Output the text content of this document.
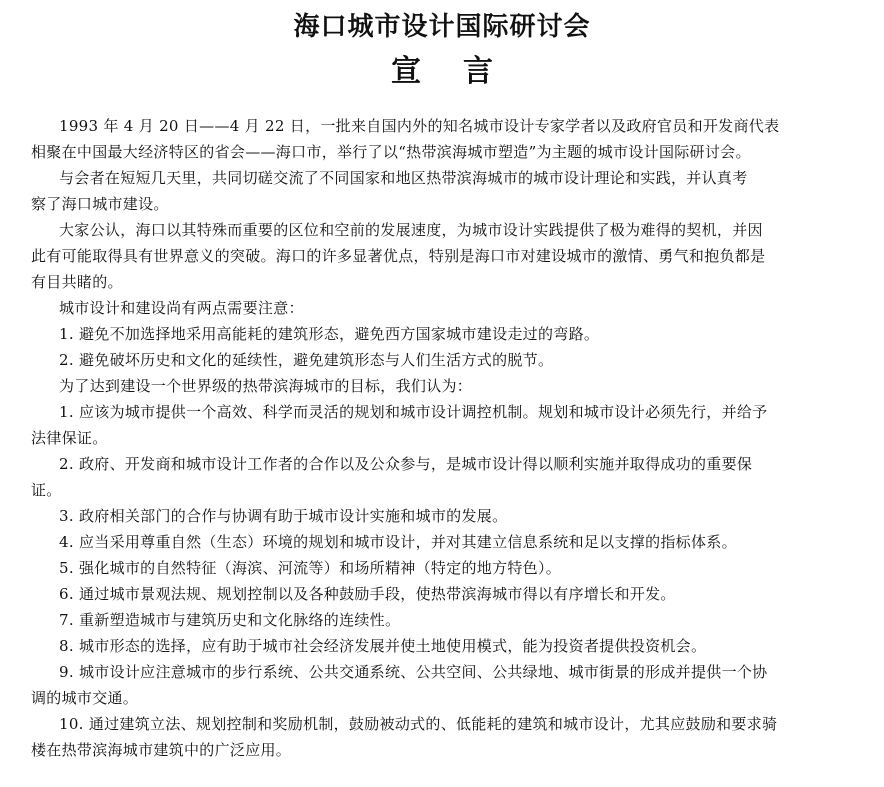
海口城市设计国际研讨会
宣言
1993 年 4 月 20 日——4 月 22 日，一批来自国内外的知名城市设计专家学者以及政府官员和开发商代表
相聚在中国最大经济特区的省会——海口市，举行了以“热带滨海城市塑造”为主题的城市设计国际研讨会。
与会者在短短几天里，共同切磋交流了不同国家和地区热带滨海城市的城市设计理论和实践，并认真考
察了海口城市建设。
大家公认，海口以其特殊而重要的区位和空前的发展速度，为城市设计实践提供了极为难得的契机，并因
此有可能取得具有世界意义的突破。海口的许多显著优点，特别是海口市对建设城市的激情、勇气和抱负都是
有目共睹的。
城市设计和建设尚有两点需要注意：
1. 避免不加选择地采用高能耗的建筑形态，避免西方国家城市建设走过的弯路。
2. 避免破坏历史和文化的延续性，避免建筑形态与人们生活方式的脱节。
为了达到建设一个世界级的热带滨海城市的目标，我们认为：
1. 应该为城市提供一个高效、科学而灵活的规划和城市设计调控机制。规划和城市设计必须先行，并给予
法律保证。
2. 政府、开发商和城市设计工作者的合作以及公众参与，是城市设计得以顺利实施并取得成功的重要保
证。
3. 政府相关部门的合作与协调有助于城市设计实施和城市的发展。
4. 应当采用尊重自然（生态）环境的规划和城市设计，并对其建立信息系统和足以支撑的指标体系。
5. 强化城市的自然特征（海滨、河流等）和场所精神（特定的地方特色）。
6. 通过城市景观法规、规划控制以及各种鼓励手段，使热带滨海城市得以有序增长和开发。
7. 重新塑造城市与建筑历史和文化脉络的连续性。
8. 城市形态的选择，应有助于城市社会经济发展并使土地使用模式，能为投资者提供投资机会。
9. 城市设计应注意城市的步行系统、公共交通系统、公共空间、公共绿地、城市街景的形成并提供一个协
调的城市交通。
10. 通过建筑立法、规划控制和奖励机制，鼓励被动式的、低能耗的建筑和城市设计，尤其应鼓励和要求骑
楼在热带滨海城市建筑中的广泛应用。
